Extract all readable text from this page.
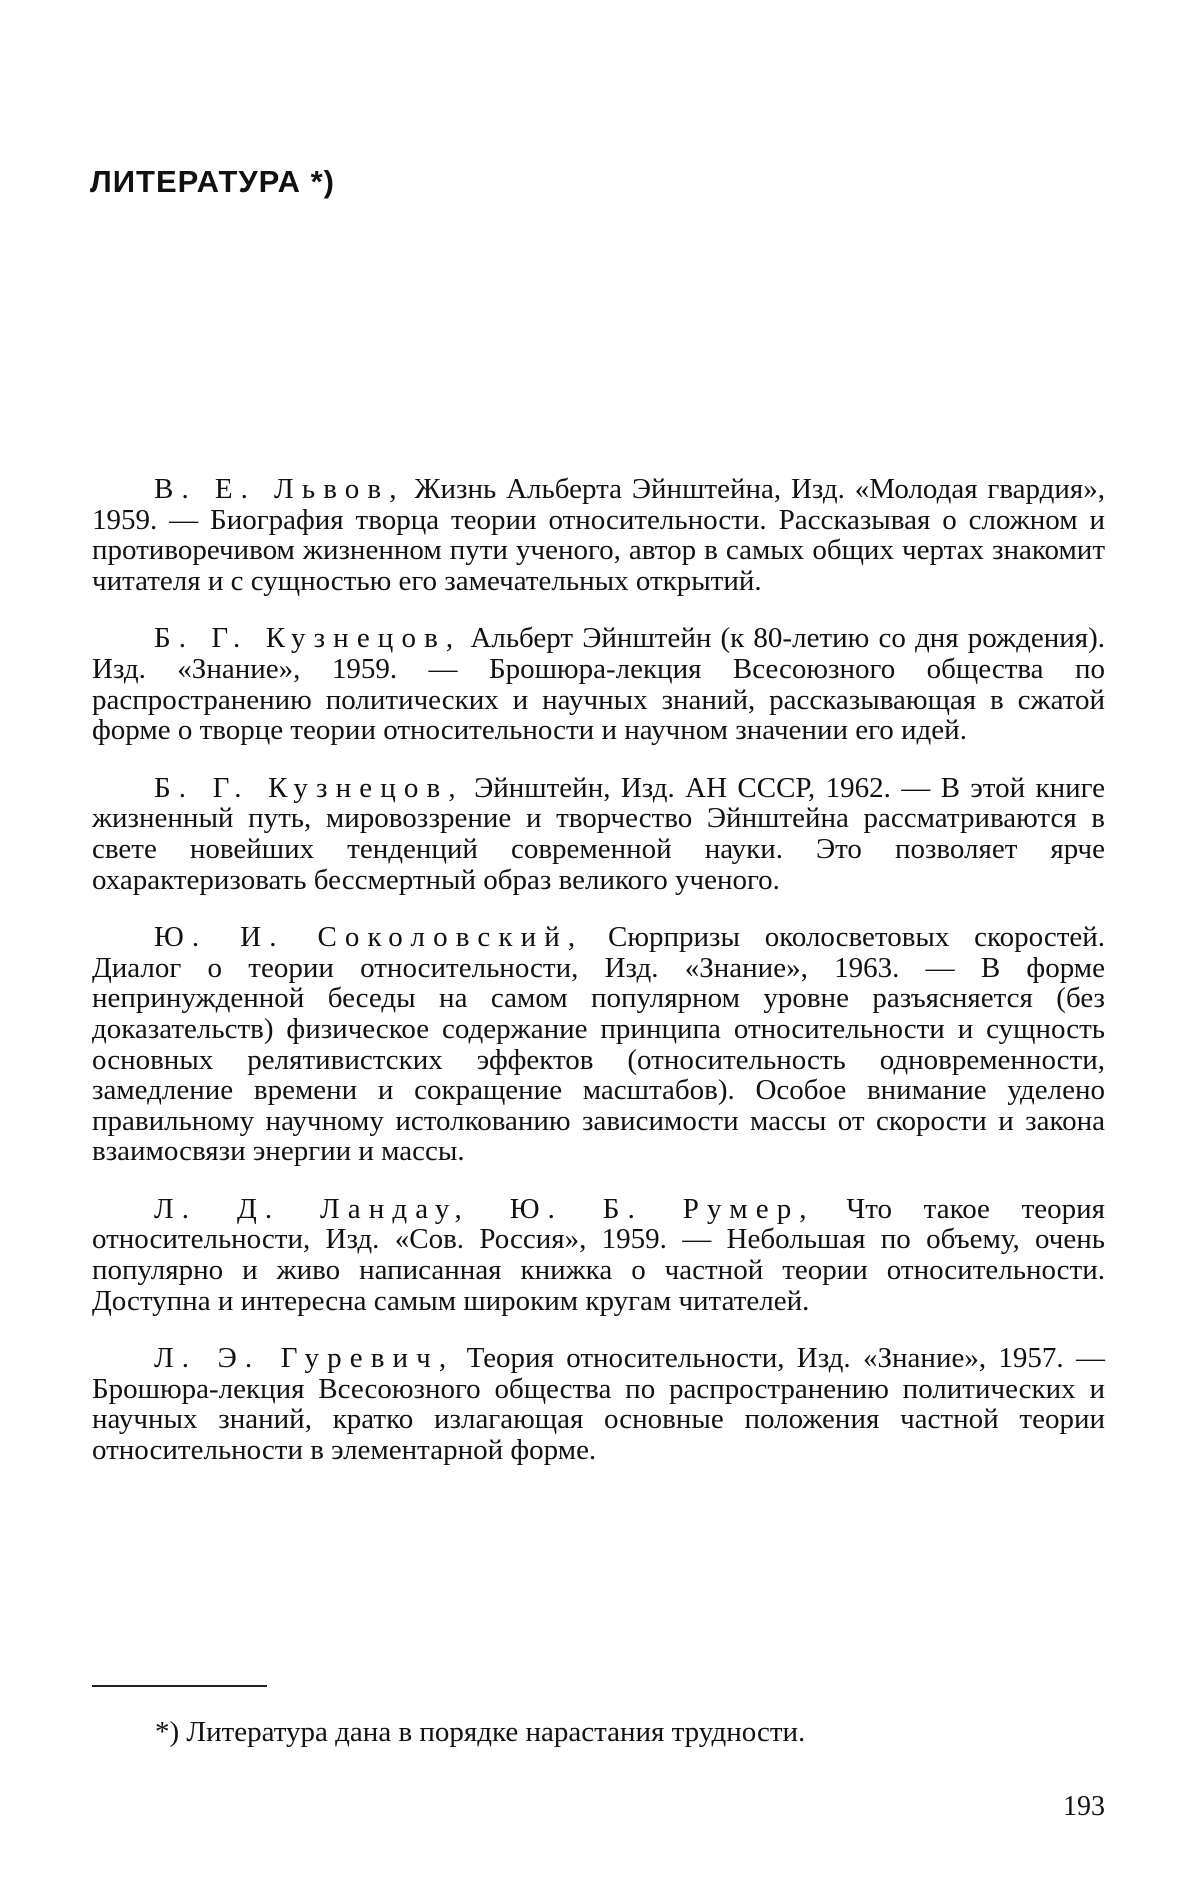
ЛИТЕРАТУРА *)
В. Е. Львов, Жизнь Альберта Эйнштейна, Изд. «Молодая гвардия», 1959. — Биография творца теории относительности. Рассказывая о сложном и противоречивом жизненном пути ученого, автор в самых общих чертах знакомит читателя и с сущностью его замечательных открытий.
Б. Г. Кузнецов, Альберт Эйнштейн (к 80-летию со дня рождения). Изд. «Знание», 1959. — Брошюра-лекция Всесоюзного общества по распространению политических и научных знаний, рассказывающая в сжатой форме о творце теории относительности и научном значении его идей.
Б. Г. Кузнецов, Эйнштейн, Изд. АН СССР, 1962. — В этой книге жизненный путь, мировоззрение и творчество Эйнштейна рассматриваются в свете новейших тенденций современной науки. Это позволяет ярче охарактеризовать бессмертный образ великого ученого.
Ю. И. Соколовский, Сюрпризы околосветовых скоростей. Диалог о теории относительности, Изд. «Знание», 1963. — В форме непринужденной беседы на самом популярном уровне разъясняется (без доказательств) физическое содержание принципа относительности и сущность основных релятивистских эффектов (относительность одновременности, замедление времени и сокращение масштабов). Особое внимание уделено правильному научному истолкованию зависимости массы от скорости и закона взаимосвязи энергии и массы.
Л. Д. Ландау, Ю. Б. Румер, Что такое теория относительности, Изд. «Сов. Россия», 1959. — Небольшая по объему, очень популярно и живо написанная книжка о частной теории относительности. Доступна и интересна самым широким кругам читателей.
Л. Э. Гуревич, Теория относительности, Изд. «Знание», 1957. — Брошюра-лекция Всесоюзного общества по распространению политических и научных знаний, кратко излагающая основные положения частной теории относительности в элементарной форме.

*) Литература дана в порядке нарастания трудности.

193
